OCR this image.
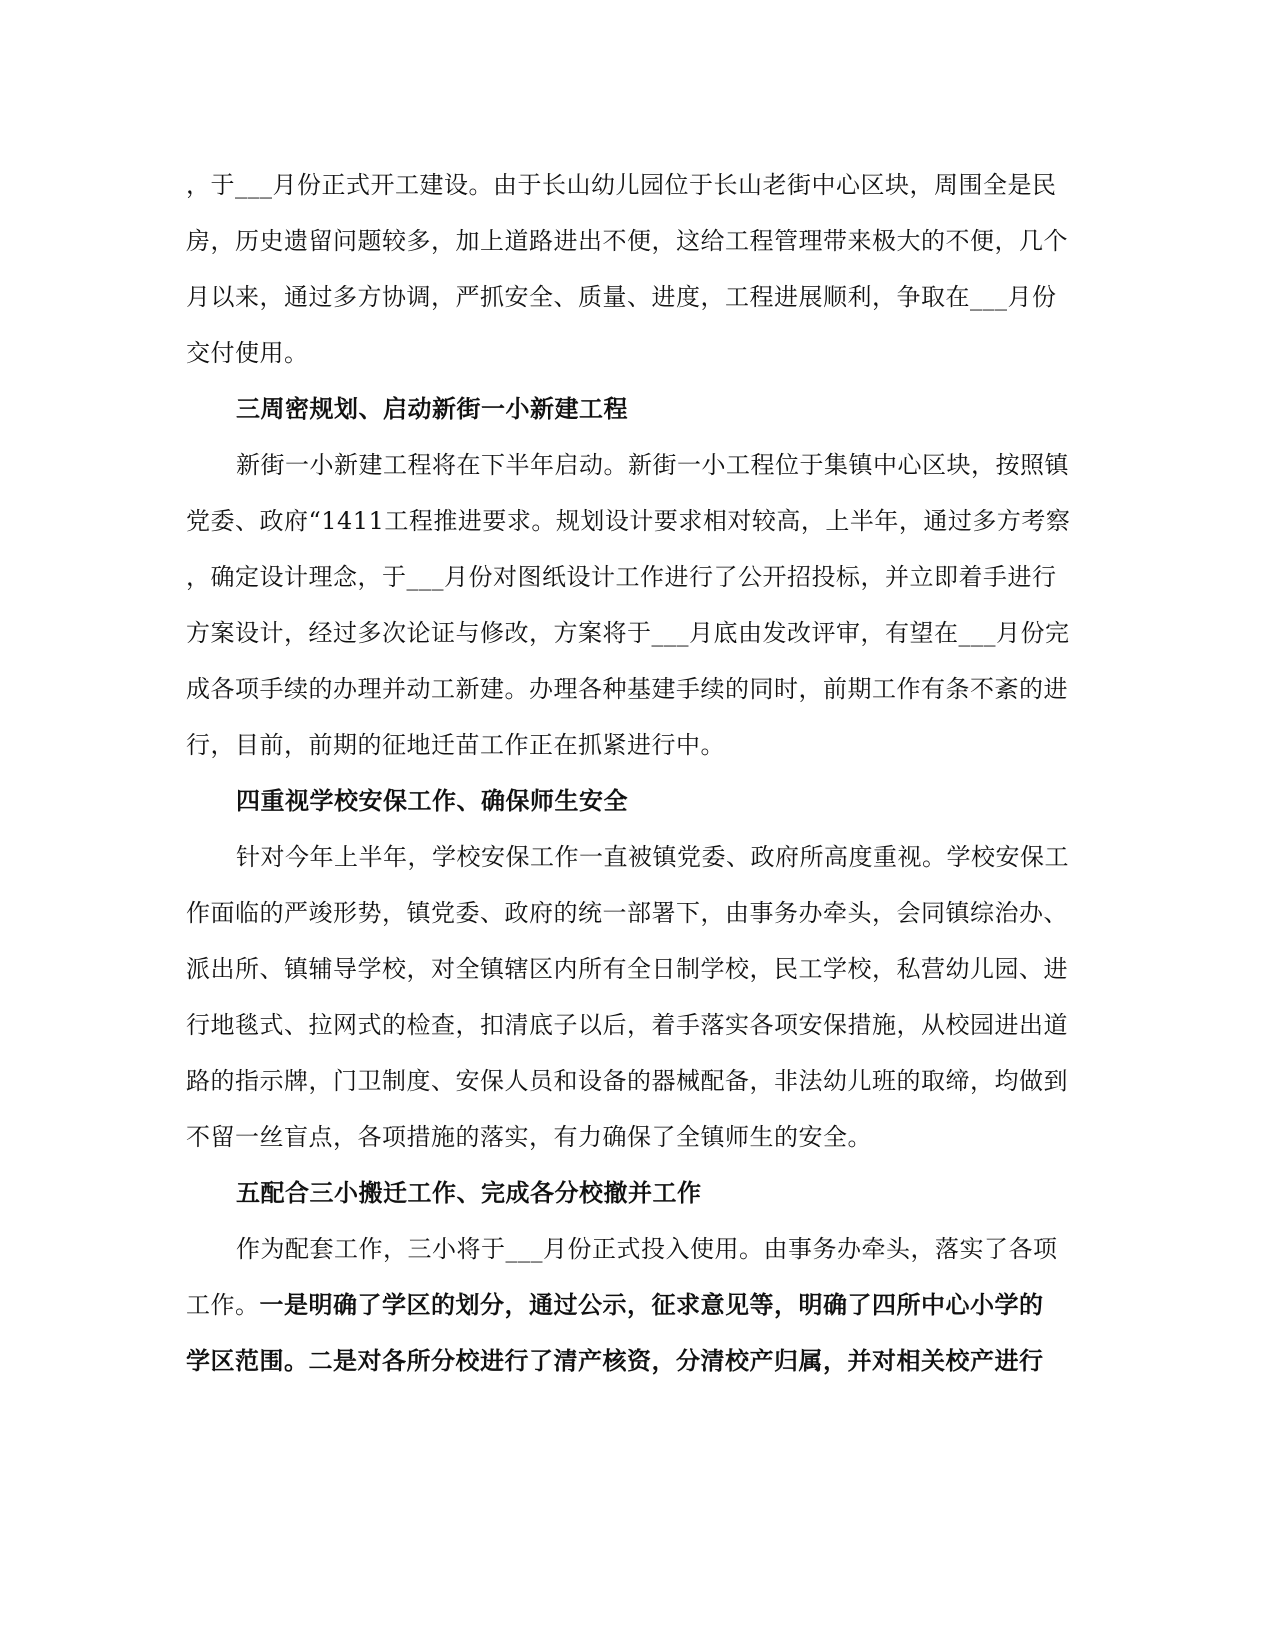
，于___月份正式开工建设。由于长山幼儿园位于长山老街中心区块，周围全是民
房，历史遗留问题较多，加上道路进出不便，这给工程管理带来极大的不便，几个
月以来，通过多方协调，严抓安全、质量、进度，工程进展顺利，争取在___月份
交付使用。
三周密规划、启动新街一小新建工程
新街一小新建工程将在下半年启动。新街一小工程位于集镇中心区块，按照镇
党委、政府“1411工程推进要求。规划设计要求相对较高，上半年，通过多方考察
，确定设计理念，于___月份对图纸设计工作进行了公开招投标，并立即着手进行
方案设计，经过多次论证与修改，方案将于___月底由发改评审，有望在___月份完
成各项手续的办理并动工新建。办理各种基建手续的同时，前期工作有条不紊的进
行，目前，前期的征地迁苗工作正在抓紧进行中。
四重视学校安保工作、确保师生安全
针对今年上半年，学校安保工作一直被镇党委、政府所高度重视。学校安保工
作面临的严竣形势，镇党委、政府的统一部署下，由事务办牵头，会同镇综治办、
派出所、镇辅导学校，对全镇辖区内所有全日制学校，民工学校，私营幼儿园、进
行地毯式、拉网式的检查，扣清底子以后，着手落实各项安保措施，从校园进出道
路的指示牌，门卫制度、安保人员和设备的器械配备，非法幼儿班的取缔，均做到
不留一丝盲点，各项措施的落实，有力确保了全镇师生的安全。
五配合三小搬迁工作、完成各分校撤并工作
作为配套工作，三小将于___月份正式投入使用。由事务办牵头，落实了各项
工作。一是明确了学区的划分，通过公示，征求意见等，明确了四所中心小学的
学区范围。二是对各所分校进行了清产核资，分清校产归属，并对相关校产进行
